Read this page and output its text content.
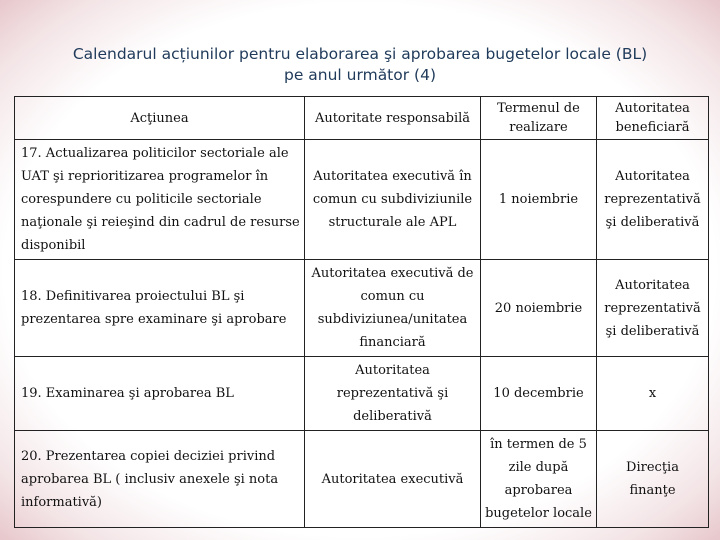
Calendarul acțiunilor pentru elaborarea şi aprobarea bugetelor locale (BL)
pe anul următor (4)
Acţiunea	Autoritate responsabilă	Termenul de realizare	Autoritatea beneficiară
17. Actualizarea politicilor sectoriale ale UAT şi reprioritizarea programelor în corespundere cu politicile sectoriale naţionale şi reieşind din cadrul de resurse disponibil	Autoritatea executivă în comun cu subdiviziunile structurale ale APL	1 noiembrie	Autoritatea reprezentativă şi deliberativă
18. Definitivarea proiectului BL şi prezentarea spre examinare şi aprobare	Autoritatea executivă de comun cu subdiviziunea/unitatea financiară	20 noiembrie	Autoritatea reprezentativă şi deliberativă
19. Examinarea şi aprobarea BL	Autoritatea reprezentativă şi deliberativă	10 decembrie	x
20. Prezentarea copiei deciziei privind aprobarea BL ( inclusiv anexele şi nota informativă)	Autoritatea executivă	în termen de 5 zile după aprobarea bugetelor locale	Direcţia finanţe
